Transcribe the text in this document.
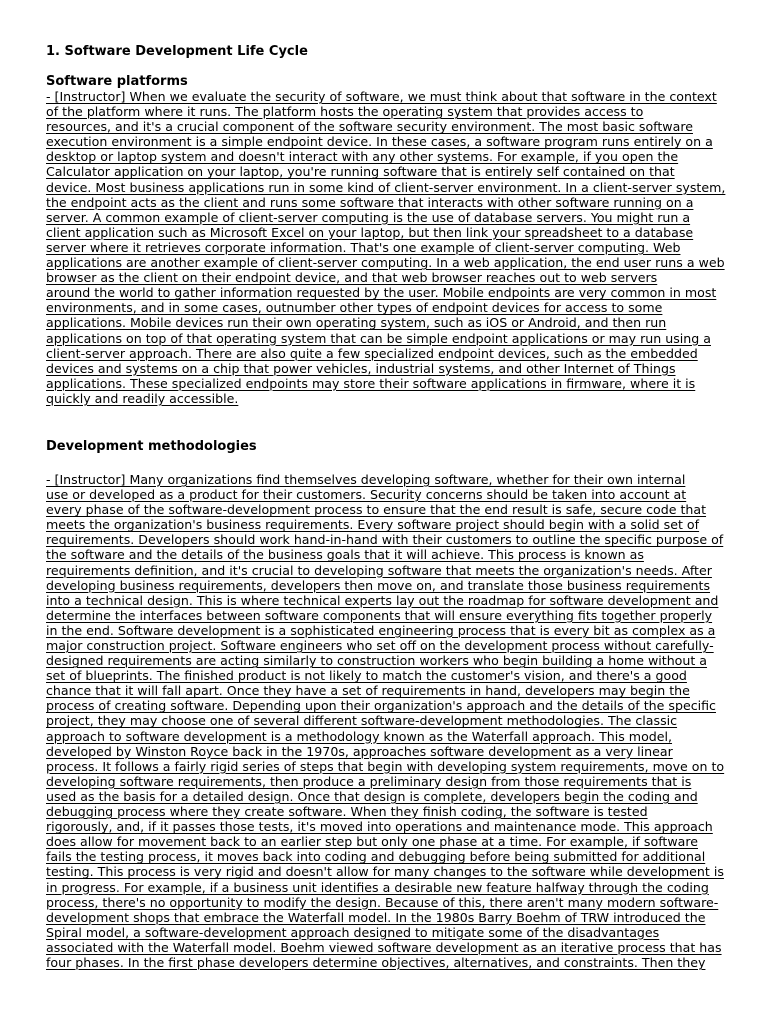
1. Software Development Life Cycle
Software platforms
- [Instructor] When we evaluate the security of software, we must think about that software in the context
of the platform where it runs. The platform hosts the operating system that provides access to
resources, and it's a crucial component of the software security environment. The most basic software
execution environment is a simple endpoint device. In these cases, a software program runs entirely on a
desktop or laptop system and doesn't interact with any other systems. For example, if you open the
Calculator application on your laptop, you're running software that is entirely self contained on that
device. Most business applications run in some kind of client-server environment. In a client-server system,
the endpoint acts as the client and runs some software that interacts with other software running on a
server. A common example of client-server computing is the use of database servers. You might run a
client application such as Microsoft Excel on your laptop, but then link your spreadsheet to a database
server where it retrieves corporate information. That's one example of client-server computing. Web
applications are another example of client-server computing. In a web application, the end user runs a web
browser as the client on their endpoint device, and that web browser reaches out to web servers
around the world to gather information requested by the user. Mobile endpoints are very common in most
environments, and in some cases, outnumber other types of endpoint devices for access to some
applications. Mobile devices run their own operating system, such as iOS or Android, and then run
applications on top of that operating system that can be simple endpoint applications or may run using a
client-server approach. There are also quite a few specialized endpoint devices, such as the embedded
devices and systems on a chip that power vehicles, industrial systems, and other Internet of Things
applications. These specialized endpoints may store their software applications in firmware, where it is
quickly and readily accessible.
Development methodologies
- [Instructor] Many organizations find themselves developing software, whether for their own internal
use or developed as a product for their customers. Security concerns should be taken into account at
every phase of the software-development process to ensure that the end result is safe, secure code that
meets the organization's business requirements. Every software project should begin with a solid set of
requirements. Developers should work hand-in-hand with their customers to outline the specific purpose of
the software and the details of the business goals that it will achieve. This process is known as
requirements definition, and it's crucial to developing software that meets the organization's needs. After
developing business requirements, developers then move on, and translate those business requirements
into a technical design. This is where technical experts lay out the roadmap for software development and
determine the interfaces between software components that will ensure everything fits together properly
in the end. Software development is a sophisticated engineering process that is every bit as complex as a
major construction project. Software engineers who set off on the development process without carefully-
designed requirements are acting similarly to construction workers who begin building a home without a
set of blueprints. The finished product is not likely to match the customer's vision, and there's a good
chance that it will fall apart. Once they have a set of requirements in hand, developers may begin the
process of creating software. Depending upon their organization's approach and the details of the specific
project, they may choose one of several different software-development methodologies. The classic
approach to software development is a methodology known as the Waterfall approach. This model,
developed by Winston Royce back in the 1970s, approaches software development as a very linear
process. It follows a fairly rigid series of steps that begin with developing system requirements, move on to
developing software requirements, then produce a preliminary design from those requirements that is
used as the basis for a detailed design. Once that design is complete, developers begin the coding and
debugging process where they create software. When they finish coding, the software is tested
rigorously, and, if it passes those tests, it's moved into operations and maintenance mode. This approach
does allow for movement back to an earlier step but only one phase at a time. For example, if software
fails the testing process, it moves back into coding and debugging before being submitted for additional
testing. This process is very rigid and doesn't allow for many changes to the software while development is
in progress. For example, if a business unit identifies a desirable new feature halfway through the coding
process, there's no opportunity to modify the design. Because of this, there aren't many modern software-
development shops that embrace the Waterfall model. In the 1980s Barry Boehm of TRW introduced the
Spiral model, a software-development approach designed to mitigate some of the disadvantages
associated with the Waterfall model. Boehm viewed software development as an iterative process that has
four phases. In the first phase developers determine objectives, alternatives, and constraints. Then they
